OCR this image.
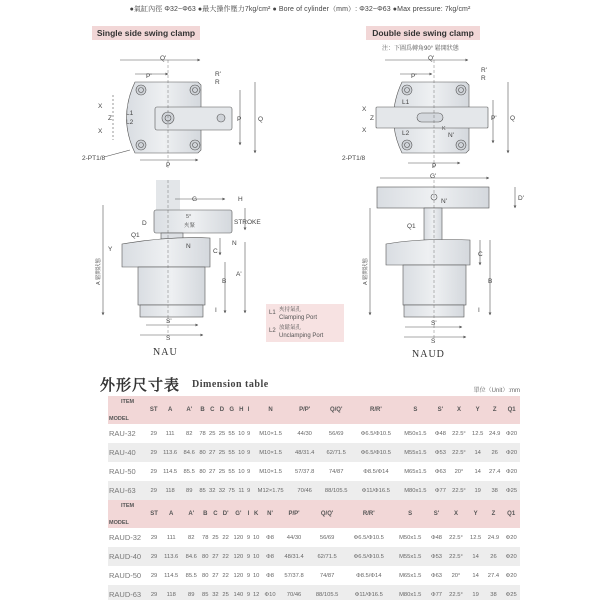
●氣缸內徑 Φ32~Φ63 ●最大操作壓力7kg/cm² ● Bore of cylinder（mm）: Φ32~Φ63 ●Max pressure: 7kg/cm²
Single side swing clamp	Double side swing clamp
注：下圖爲轉角90° 鬆開狀態
Q'
P'	R'
R
X
Z
X
L1
L2	P	Q
P
2-PT1/8
G	H
D
5°
夾緊	STROKE
Q1
Y	N	N
C
A'
B
A 鬆開狀態
I
S'
S
NAU
Q'
P'
R'
R
X
Z
X
L1
L2
P' Q
K
N'
P
2-PT1/8
G'
D'
N'
Q1
C
B
A 鬆開狀態
I
S'
S
NAUD
L1 夾持氣孔
Clamping Port
L2 放鬆氣孔
Unclamping Port
外形尺寸表 Dimension table
單位（Unit）:mm
ITEM
MODEL	ST	A	A'	B	C	D	G	H	I	N	P/P'	Q/Q'	R/R'	S	S'	X	Y	Z	Q1
RAU-32	29	111	82	78	25	25	55	10	9	M10×1.5	44/30	56/69	Φ6.5/Φ10.5	M50x1.5	Φ48	22.5°	12.5	24.9	Φ20
RAU-40	29	113.6	84.6	80	27	25	55	10	9	M10×1.5	48/31.4	62/71.5	Φ6.5/Φ10.5	M55x1.5	Φ53	22.5°	14	26	Φ20
RAU-50	29	114.5	85.5	80	27	25	55	10	9	M10×1.5	57/37.8	74/87	Φ8.5/Φ14	M65x1.5	Φ63	20°	14	27.4	Φ20
RAU-63	29	118	89	85	32	32	75	11	9	M12×1.75	70/46	88/105.5	Φ11/Φ16.5	M80x1.5	Φ77	22.5°	19	38	Φ25
ITEM
MODEL	ST	A	A'	B	C	D'	G'	I	K	N'	P/P'	Q/Q'	R/R'	S	S'	X	Y	Z	Q1
RAUD-32	29	111	82	78	25	22	120	9	10	Φ8	44/30	56/69	Φ6.5/Φ10.5	M50x1.5	Φ48	22.5°	12.5	24.9	Φ20
RAUD-40	29	113.6	84.6	80	27	22	120	9	10	Φ8	48/31.4	62/71.5	Φ6.5/Φ10.5	M55x1.5	Φ53	22.5°	14	26	Φ20
RAUD-50	29	114.5	85.5	80	27	22	120	9	10	Φ8	57/37.8	74/87	Φ8.5/Φ14	M65x1.5	Φ63	20°	14	27.4	Φ20
RAUD-63	29	118	89	85	32	25	140	9	12	Φ10	70/46	88/105.5	Φ11/Φ16.5	M80x1.5	Φ77	22.5°	19	38	Φ25
